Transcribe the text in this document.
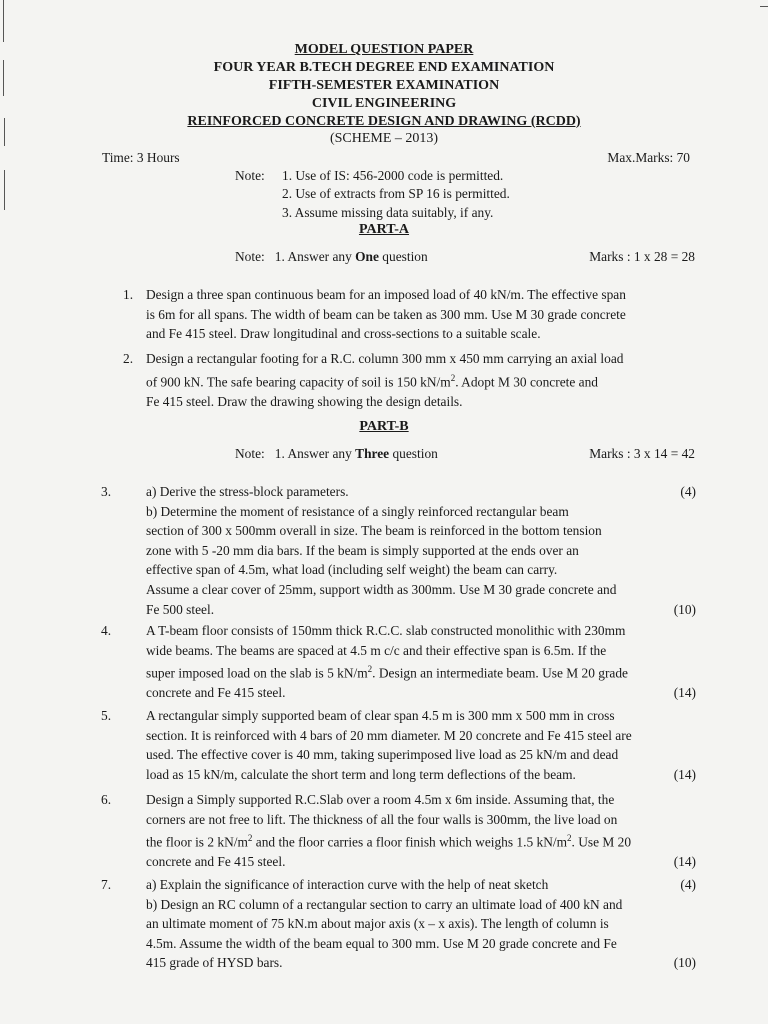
MODEL QUESTION PAPER
FOUR YEAR B.TECH DEGREE END EXAMINATION
FIFTH-SEMESTER EXAMINATION
CIVIL ENGINEERING
REINFORCED CONCRETE DESIGN AND DRAWING (RCDD)
(SCHEME – 2013)
Time: 3 Hours	Max.Marks: 70
Note: 1. Use of IS: 456-2000 code is permitted.
2. Use of extracts from SP 16 is permitted.
3. Assume missing data suitably, if any.
PART-A
Note: 1. Answer any One question	Marks : 1 x 28 = 28
1. Design a three span continuous beam for an imposed load of 40 kN/m. The effective span
is 6m for all spans. The width of beam can be taken as 300 mm. Use M 30 grade concrete
and Fe 415 steel. Draw longitudinal and cross-sections to a suitable scale.
2. Design a rectangular footing for a R.C. column 300 mm x 450 mm carrying an axial load
of 900 kN. The safe bearing capacity of soil is 150 $kN/m^2$. Adopt M 30 concrete and
Fe 415 steel. Draw the drawing showing the design details.
PART-B
Note: 1. Answer any Three question	Marks : 3 x 14 = 42
3.	a) Derive the stress-block parameters.	(4)
b) Determine the moment of resistance of a singly reinforced rectangular beam
section of 300 x 500mm overall in size. The beam is reinforced in the bottom tension
zone with 5 -20 mm dia bars. If the beam is simply supported at the ends over an
effective span of 4.5m, what load (including self weight) the beam can carry.
Assume a clear cover of 25mm, support width as 300mm. Use M 30 grade concrete and
Fe 500 steel.	(10)
4.	A T-beam floor consists of 150mm thick R.C.C. slab constructed monolithic with 230mm
wide beams. The beams are spaced at 4.5 m c/c and their effective span is 6.5m. If the
super imposed load on the slab is 5 $kN/m^2$. Design an intermediate beam. Use M 20 grade
concrete and Fe 415 steel.	(14)
5.	A rectangular simply supported beam of clear span 4.5 m is 300 mm x 500 mm in cross
section. It is reinforced with 4 bars of 20 mm diameter. M 20 concrete and Fe 415 steel are
used. The effective cover is 40 mm, taking superimposed live load as 25 kN/m and dead
load as 15 kN/m, calculate the short term and long term deflections of the beam.	(14)
6.	Design a Simply supported R.C.Slab over a room 4.5m x 6m inside. Assuming that, the
corners are not free to lift. The thickness of all the four walls is 300mm, the live load on
the floor is 2 $kN/m^2$ and the floor carries a floor finish which weighs 1.5 $kN/m^2$. Use M 20
concrete and Fe 415 steel.	(14)
7.	a) Explain the significance of interaction curve with the help of neat sketch	(4)
b) Design an RC column of a rectangular section to carry an ultimate load of 400 kN and
an ultimate moment of 75 kN.m about major axis (x – x axis). The length of column is
4.5m. Assume the width of the beam equal to 300 mm. Use M 20 grade concrete and Fe
415 grade of HYSD bars.	(10)
